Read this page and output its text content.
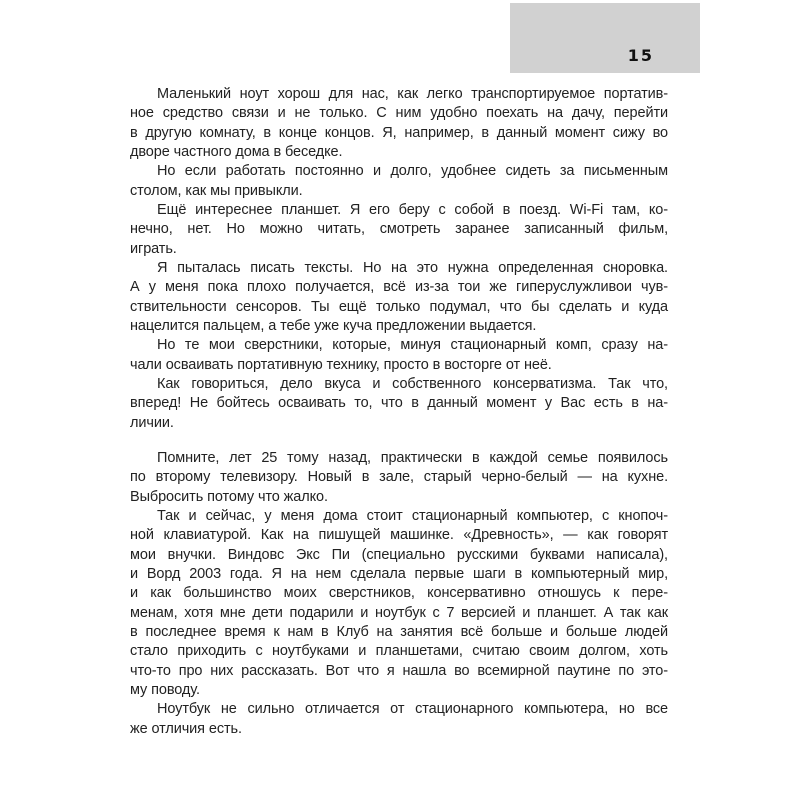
15
Маленький ноут хорош для нас, как легко транспортируемое портатив-
ное средство связи и не только. С ним удобно поехать на дачу, перейти
в другую комнату, в конце концов. Я, например, в данный момент сижу во
дворе частного дома в беседке.
Но если работать постоянно и долго, удобнее сидеть за письменным
столом, как мы привыкли.
Ещё интереснее планшет. Я его беру с собой в поезд. Wi-Fi там, ко-
нечно, нет. Но можно читать, смотреть заранее записанный фильм,
играть.
Я пыталась писать тексты. Но на это нужна определенная сноровка.
А у меня пока плохо получается, всё из-за тои же гиперуслужливои чув-
ствительности сенсоров. Ты ещё только подумал, что бы сделать и куда
нацелится пальцем, а тебе уже куча предложении выдается.
Но те мои сверстники, которые, минуя стационарный комп, сразу на-
чали осваивать портативную технику, просто в восторге от неё.
Как говориться, дело вкуса и собственного консерватизма. Так что,
вперед! Не бойтесь осваивать то, что в данный момент у Вас есть в на-
личии.
Помните, лет 25 тому назад, практически в каждой семье появилось
по второму телевизору. Новый в зале, старый черно-белый — на кухне.
Выбросить потому что жалко.
Так и сейчас, у меня дома стоит стационарный компьютер, с кнопоч-
ной клавиатурой. Как на пишущей машинке. «Древность», — как говорят
мои внучки. Виндовс Экс Пи (специально русскими буквами написала),
и Ворд 2003 года. Я на нем сделала первые шаги в компьютерный мир,
и как большинство моих сверстников, консервативно отношусь к пере-
менам, хотя мне дети подарили и ноутбук с 7 версией и планшет. А так как
в последнее время к нам в Клуб на занятия всё больше и больше людей
стало приходить с ноутбуками и планшетами, считаю своим долгом, хоть
что-то про них рассказать. Вот что я нашла во всемирной паутине по это-
му поводу.
Ноутбук не сильно отличается от стационарного компьютера, но все
же отличия есть.
